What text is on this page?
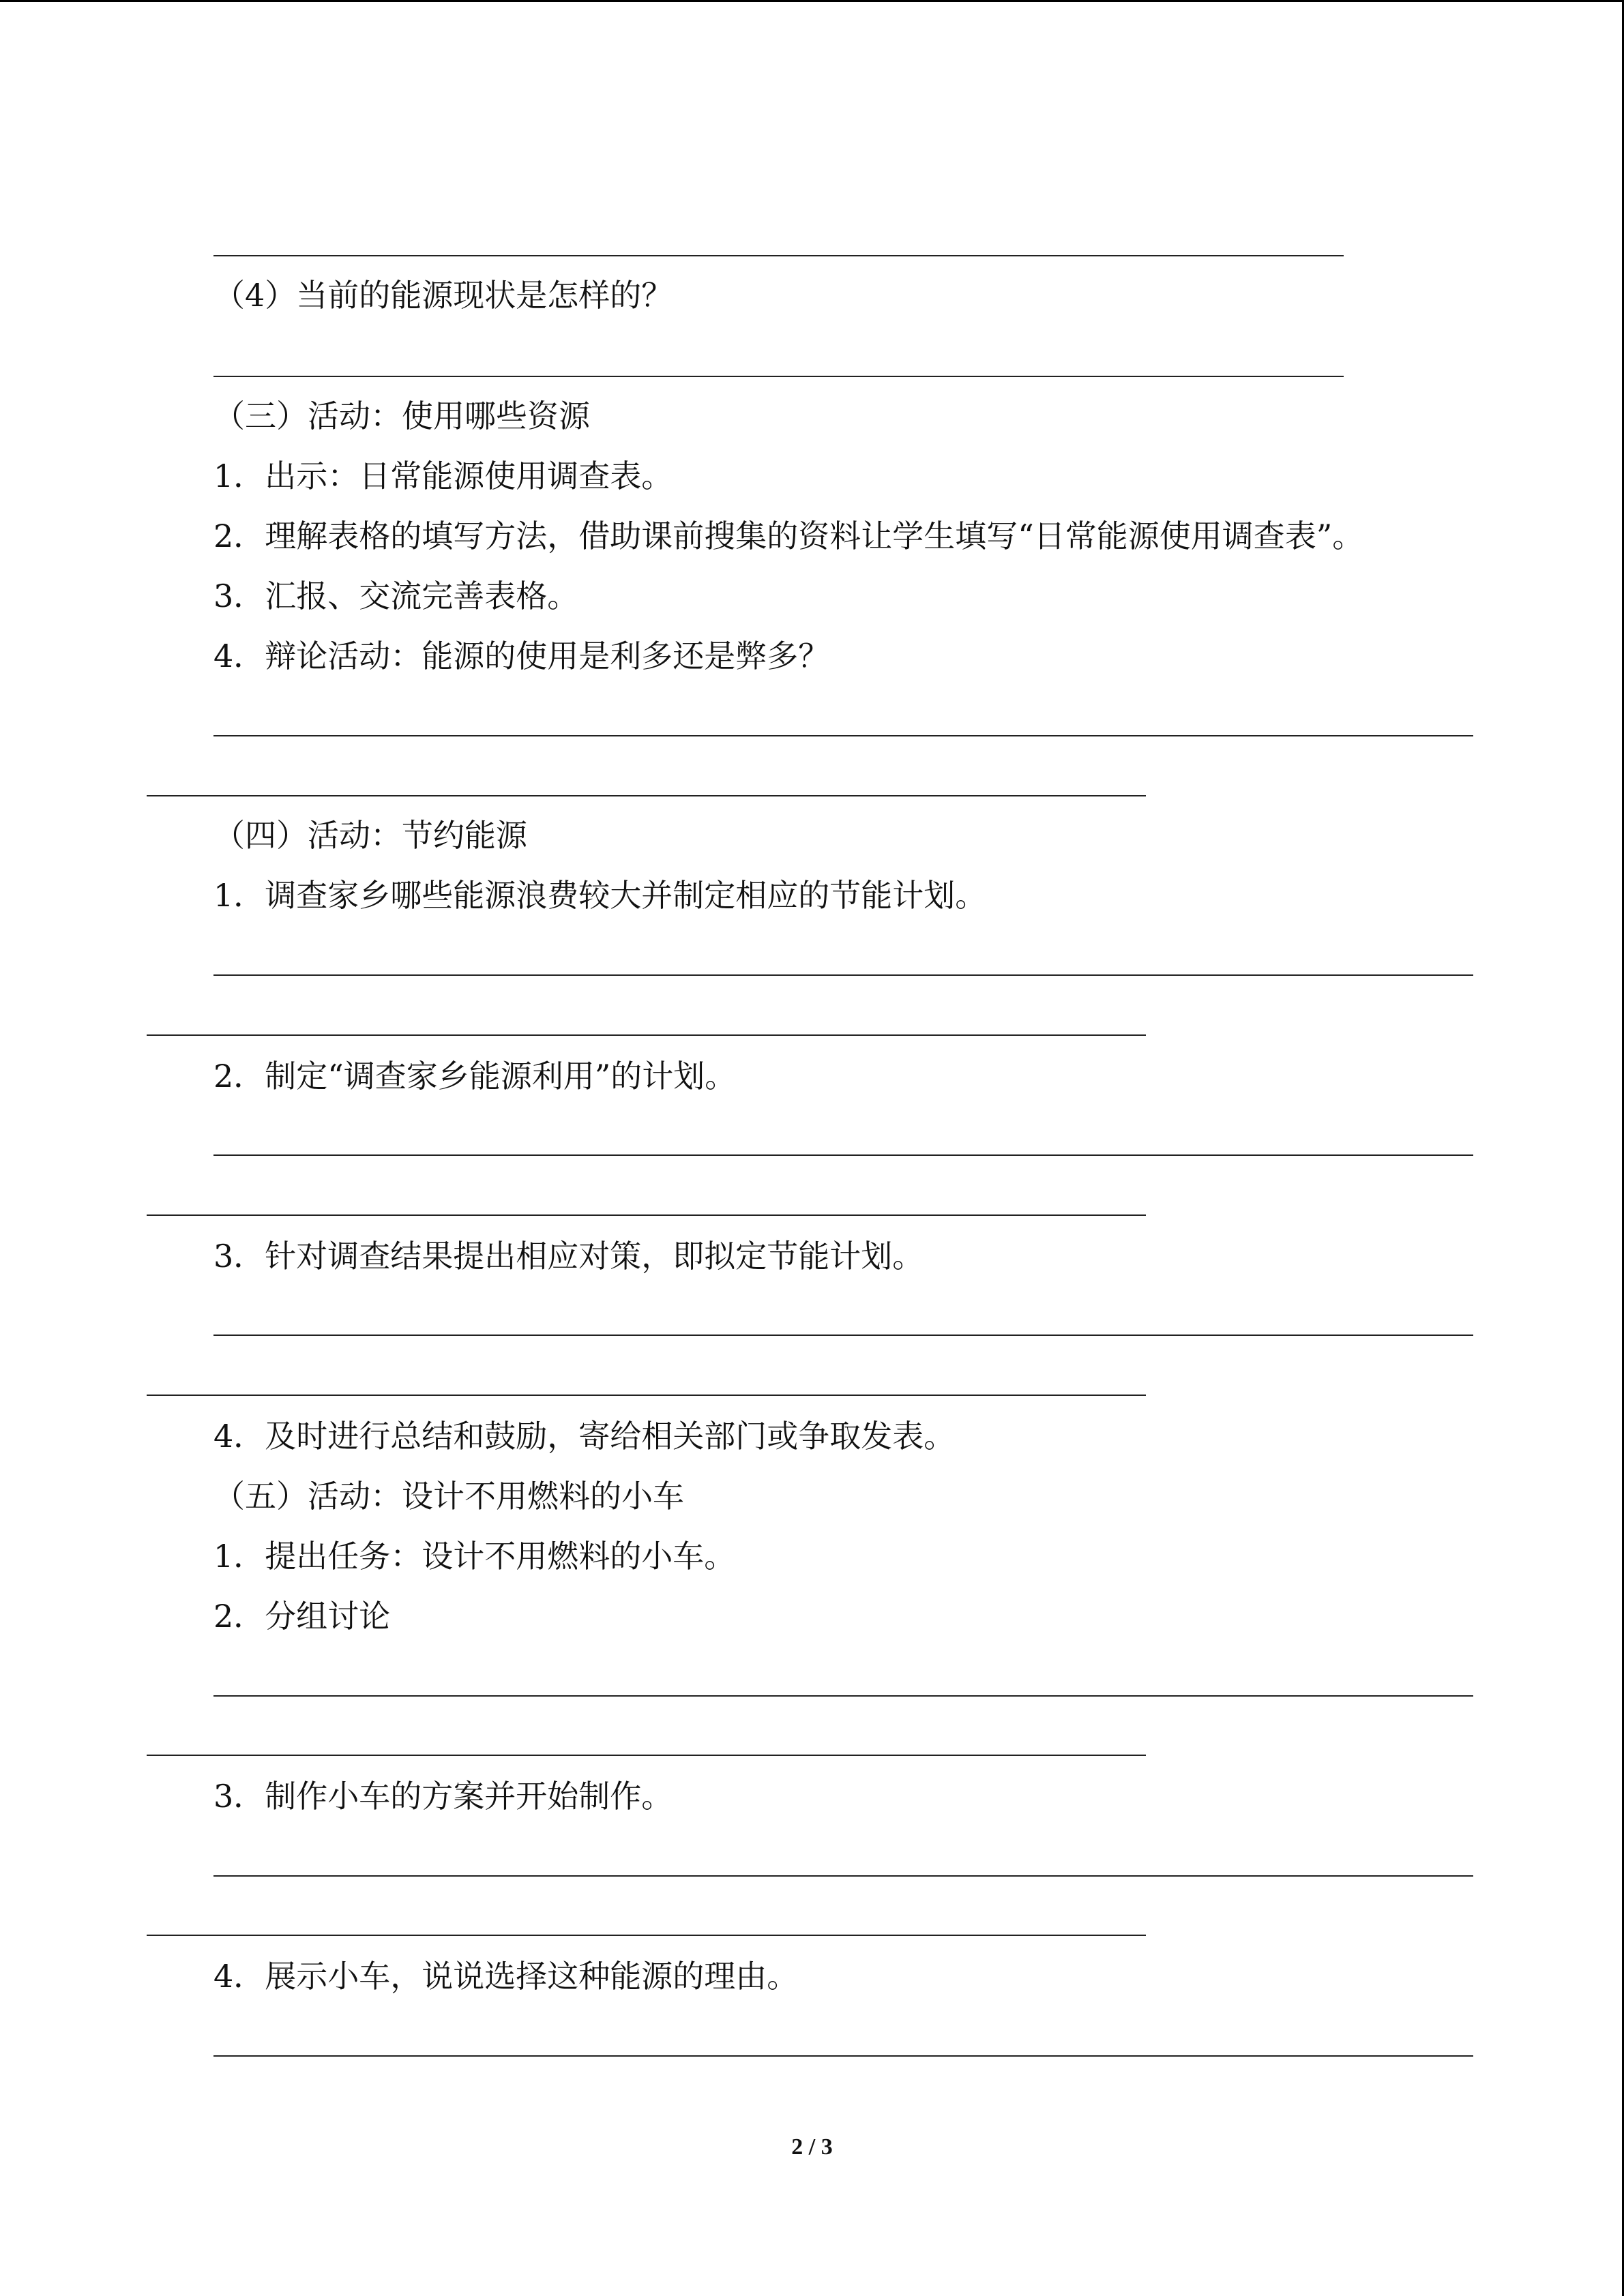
（4）当前的能源现状是怎样的？
（三）活动：使用哪些资源
1．出示：日常能源使用调查表。
2．理解表格的填写方法，借助课前搜集的资料让学生填写“日常能源使用调查表”。
3．汇报、交流完善表格。
4．辩论活动：能源的使用是利多还是弊多？
（四）活动：节约能源
1．调查家乡哪些能源浪费较大并制定相应的节能计划。
2．制定“调查家乡能源利用”的计划。
3．针对调查结果提出相应对策，即拟定节能计划。
4．及时进行总结和鼓励，寄给相关部门或争取发表。
（五）活动：设计不用燃料的小车
1．提出任务：设计不用燃料的小车。
2．分组讨论
3．制作小车的方案并开始制作。
4．展示小车，说说选择这种能源的理由。
2 / 3
